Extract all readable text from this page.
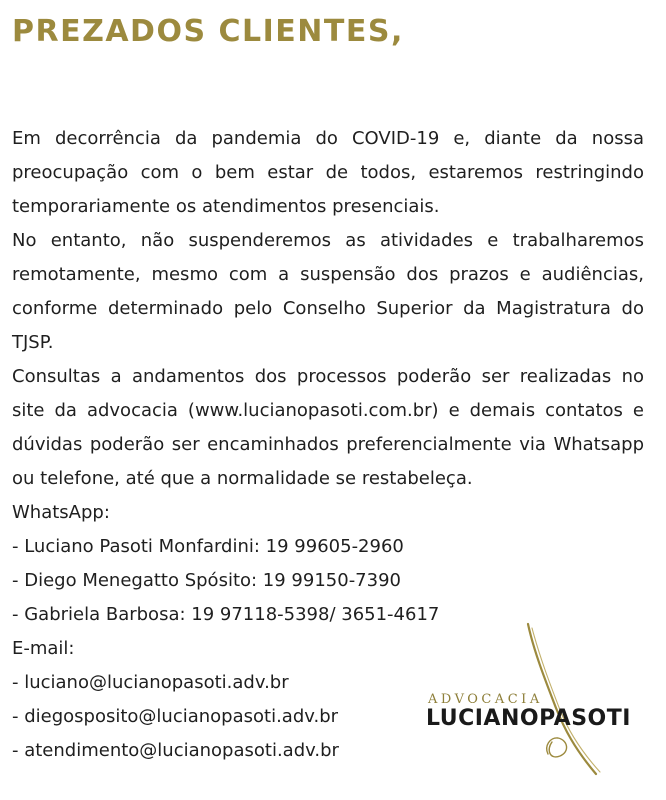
PREZADOS CLIENTES,

Em decorrência da pandemia do COVID-19 e, diante da nossa preocupação com o bem estar de todos, estaremos restringindo temporariamente os atendimentos presenciais.

No entanto, não suspenderemos as atividades e trabalharemos remotamente, mesmo com a suspensão dos prazos e audiências, conforme determinado pelo Conselho Superior da Magistratura do TJSP.

Consultas a andamentos dos processos poderão ser realizadas no site da advocacia (www.lucianopasoti.com.br) e demais contatos e dúvidas poderão ser encaminhados preferencialmente via Whatsapp ou telefone, até que a normalidade se restabeleça.

WhatsApp:

- Luciano Pasoti Monfardini: 19 99605-2960

- Diego Menegatto Spósito: 19 99150-7390

- Gabriela Barbosa: 19 97118-5398/ 3651-4617

E-mail:

- luciano@lucianopasoti.adv.br

- diegosposito@lucianopasoti.adv.br

- atendimento@lucianopasoti.adv.br

ADVOCACIA
LUCIANOPASOTI
